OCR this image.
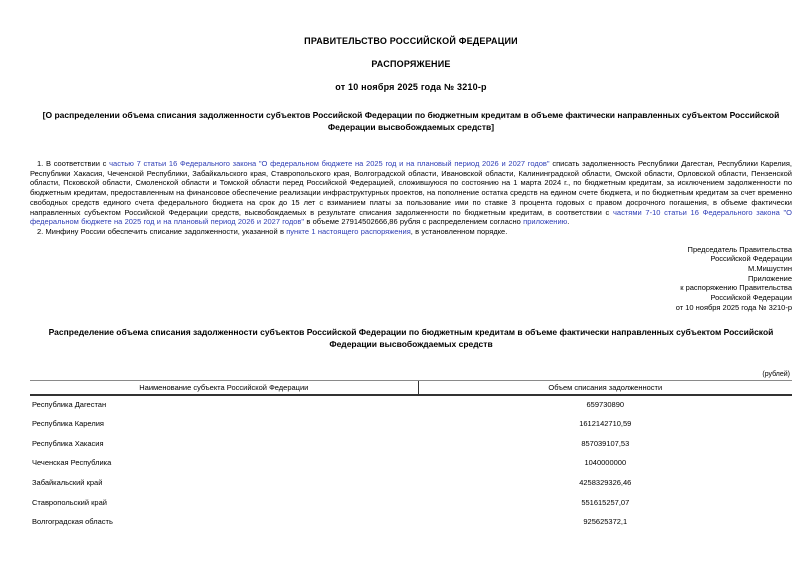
ПРАВИТЕЛЬСТВО РОССИЙСКОЙ ФЕДЕРАЦИИ
РАСПОРЯЖЕНИЕ
от 10 ноября 2025 года № 3210-р
[О распределении объема списания задолженности субъектов Российской Федерации по бюджетным кредитам в объеме фактически направленных субъектом Российской Федерации высвобождаемых средств]

1. В соответствии с частью 7 статьи 16 Федерального закона "О федеральном бюджете на 2025 год и на плановый период 2026 и 2027 годов" списать задолженность Республики Дагестан, Республики Карелия, Республики Хакасия, Чеченской Республики, Забайкальского края, Ставропольского края, Волгоградской области, Ивановской области, Калининградской области, Омской области, Орловской области, Пензенской области, Псковской области, Смоленской области и Томской области перед Российской Федерацией, сложившуюся по состоянию на 1 марта 2024 г., по бюджетным кредитам, за исключением задолженности по бюджетным кредитам, предоставленным на финансовое обеспечение реализации инфраструктурных проектов, на пополнение остатка средств на едином счете бюджета, и по бюджетным кредитам за счет временно свободных средств единого счета федерального бюджета на срок до 15 лет с взиманием платы за пользование ими по ставке 3 процента годовых с правом досрочного погашения, в объеме фактически направленных субъектом Российской Федерации средств, высвобождаемых в результате списания задолженности по бюджетным кредитам, в соответствии с частями 7-10 статьи 16 Федерального закона "О федеральном бюджете на 2025 год и на плановый период 2026 и 2027 годов" в объеме 27914502666,86 рубля с распределением согласно приложению.

2. Минфину России обеспечить списание задолженности, указанной в пункте 1 настоящего распоряжения, в установленном порядке.

Председатель Правительства
Российской Федерации
М.Мишустин
Приложение
к распоряжению Правительства
Российской Федерации
от 10 ноября 2025 года № 3210-р
Распределение объема списания задолженности субъектов Российской Федерации по бюджетным кредитам в объеме фактически направленных субъектом Российской Федерации высвобождаемых средств
(рублей)
Наименование субъекта Российской Федерации	Объем списания задолженности
Республика Дагестан	659730890
Республика Карелия	1612142710,59
Республика Хакасия	857039107,53
Чеченская Республика	1040000000
Забайкальский край	4258329326,46
Ставропольский край	551615257,07
Волгоградская область	925625372,1
